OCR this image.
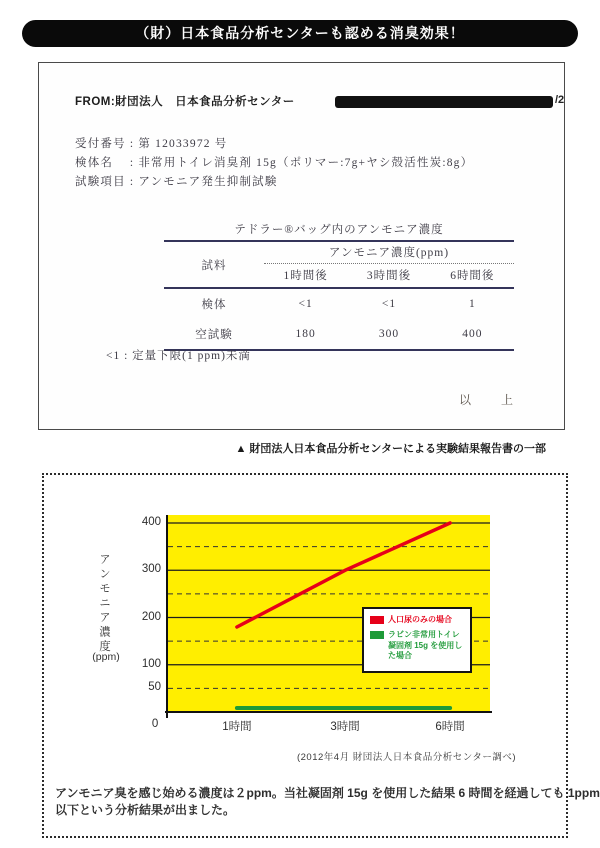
（財）日本食品分析センターも認める消臭効果！
FROM:財団法人　日本食品分析センター	/2
受付番号 : 第 12033972 号
検体名　 : 非常用トイレ消臭剤 15g（ポリマー:7g+ヤシ殻活性炭:8g）
試験項目 : アンモニア発生抑制試験
テドラー®バッグ内のアンモニア濃度
試料
アンモニア濃度(ppm)
1時間後	3時間後	6時間後
検体	<1	<1	1
空試験	180	300	400
<1 : 定量下限(1 ppm)未満
以　上
▲ 財団法人日本食品分析センターによる実験結果報告書の一部
アンモニア濃度
(ppm)
人口尿のみの場合
ラビン非常用トイレ凝固剤 15g を使用した場合
(2012年4月 財団法人日本食品分析センター調べ)
アンモニア臭を感じ始める濃度は２ppm。当社凝固剤 15g を使用した結果 6 時間を経過しても 1ppm
以下という分析結果が出ました。
400
300
200
100
50
0	1時間	3時間	6時間
